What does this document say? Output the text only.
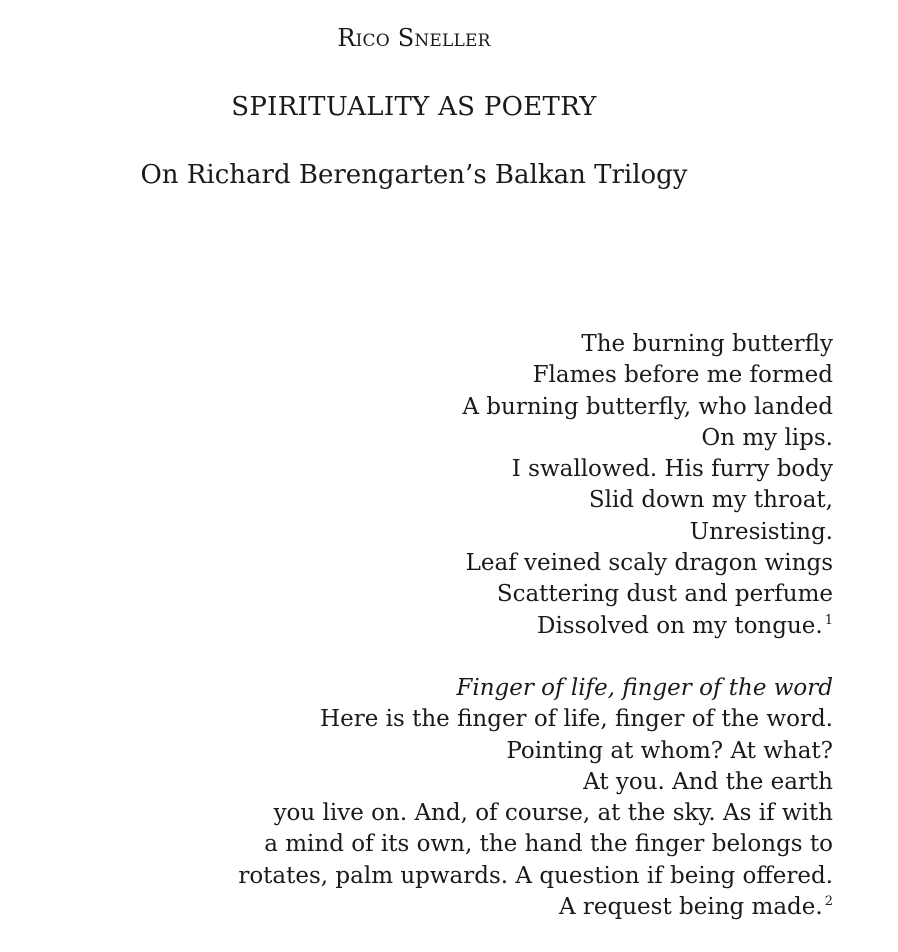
Rico Sneller
SPIRITUALITY AS POETRY
On Richard Berengarten’s Balkan Trilogy
The burning butterfly
Flames before me formed
A burning butterfly, who landed
On my lips.
I swallowed. His furry body
Slid down my throat,
Unresisting.
Leaf veined scaly dragon wings
Scattering dust and perfume
Dissolved on my tongue. $^1$
Finger of life, finger of the word
Here is the finger of life, finger of the word.
Pointing at whom? At what?
At you. And the earth
you live on. And, of course, at the sky. As if with
a mind of its own, the hand the finger belongs to
rotates, palm upwards. A question if being offered.
A request being made. $^2$
